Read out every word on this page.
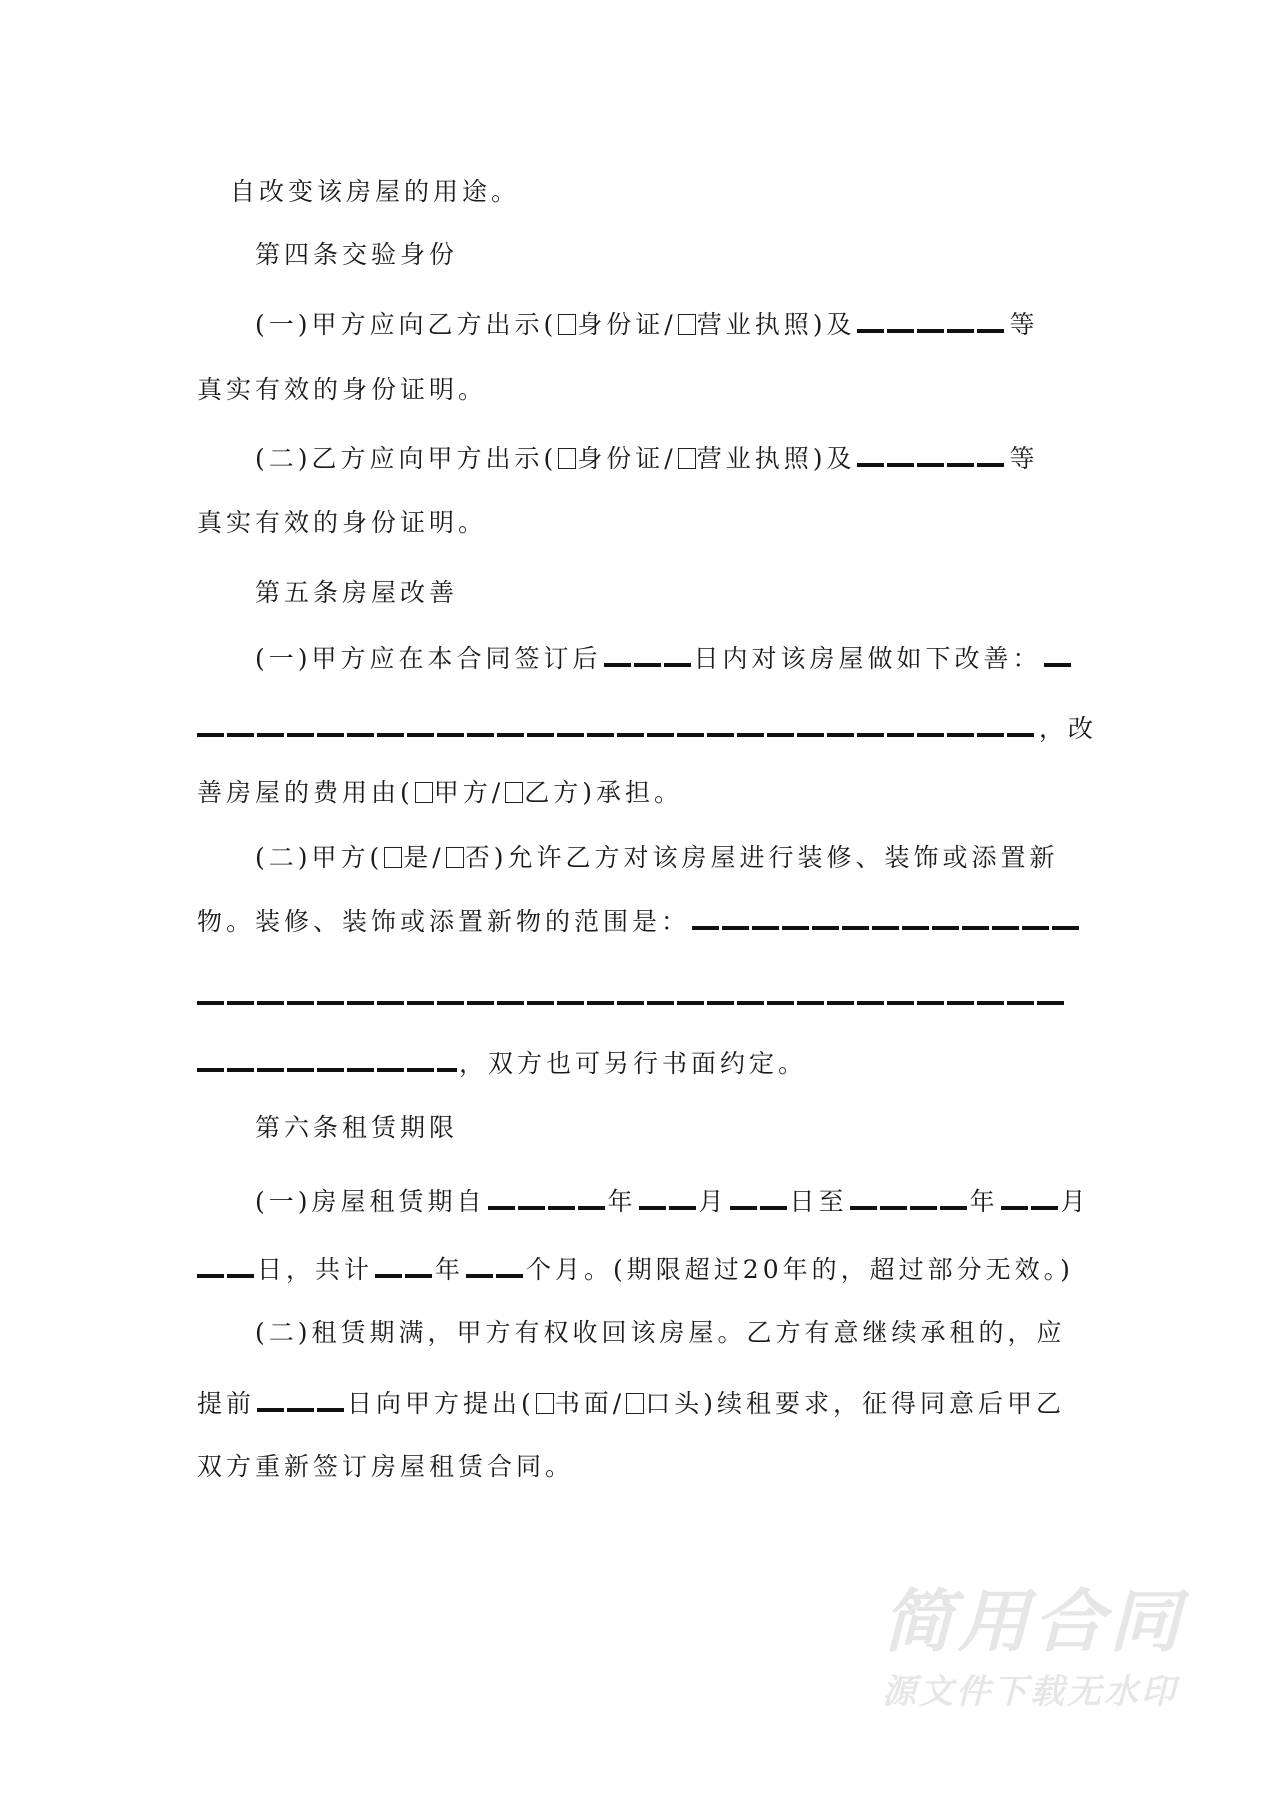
自改变该房屋的用途。
第四条交验身份
(一)甲方应向乙方出示( 身份证/ 营业执照)及	等
真实有效的身份证明。
(二)乙方应向甲方出示( 身份证/ 营业执照)及	等
真实有效的身份证明。
第五条房屋改善
(一)甲方应在本合同签订后	日内对该房屋做如下改善：
，改
善房屋的费用由( 甲方/ 乙方)承担。
(二)甲方( 是/ 否)允许乙方对该房屋进行装修、装饰或添置新
物。装修、装饰或添置新物的范围是：
，双方也可另行书面约定。
第六条租赁期限
(一)房屋租赁期自	年 月 日至	年 月
日，共计 年 个月。(期限超过20年的，超过部分无效。)
(二)租赁期满，甲方有权收回该房屋。乙方有意继续承租的，应
提前	日向甲方提出( 书面/ 口头)续租要求，征得同意后甲乙
双方重新签订房屋租赁合同。
简用合同
源文件下载无水印
